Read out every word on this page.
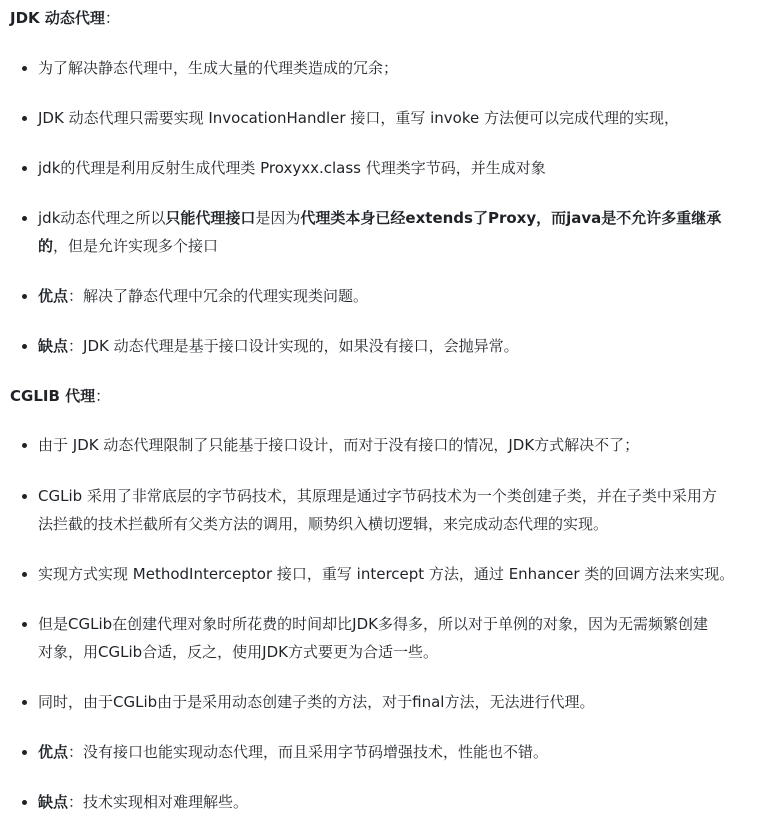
JDK 动态代理：

为了解决静态代理中，生成大量的代理类造成的冗余；
JDK 动态代理只需要实现 InvocationHandler 接口，重写 invoke 方法便可以完成代理的实现，
jdk的代理是利用反射生成代理类 Proxyxx.class 代理类字节码，并生成对象
jdk动态代理之所以只能代理接口是因为代理类本身已经extends了Proxy，而java是不允许多重继承
的，但是允许实现多个接口
优点：解决了静态代理中冗余的代理实现类问题。
缺点：JDK 动态代理是基于接口设计实现的，如果没有接口，会抛异常。

CGLIB 代理：

由于 JDK 动态代理限制了只能基于接口设计，而对于没有接口的情况，JDK方式解决不了；
CGLib 采用了非常底层的字节码技术，其原理是通过字节码技术为一个类创建子类，并在子类中采用方
法拦截的技术拦截所有父类方法的调用，顺势织入横切逻辑，来完成动态代理的实现。
实现方式实现 MethodInterceptor 接口，重写 intercept 方法，通过 Enhancer 类的回调方法来实现。
但是CGLib在创建代理对象时所花费的时间却比JDK多得多，所以对于单例的对象，因为无需频繁创建
对象，用CGLib合适，反之，使用JDK方式要更为合适一些。
同时，由于CGLib由于是采用动态创建子类的方法，对于final方法，无法进行代理。
优点：没有接口也能实现动态代理，而且采用字节码增强技术，性能也不错。
缺点：技术实现相对难理解些。
